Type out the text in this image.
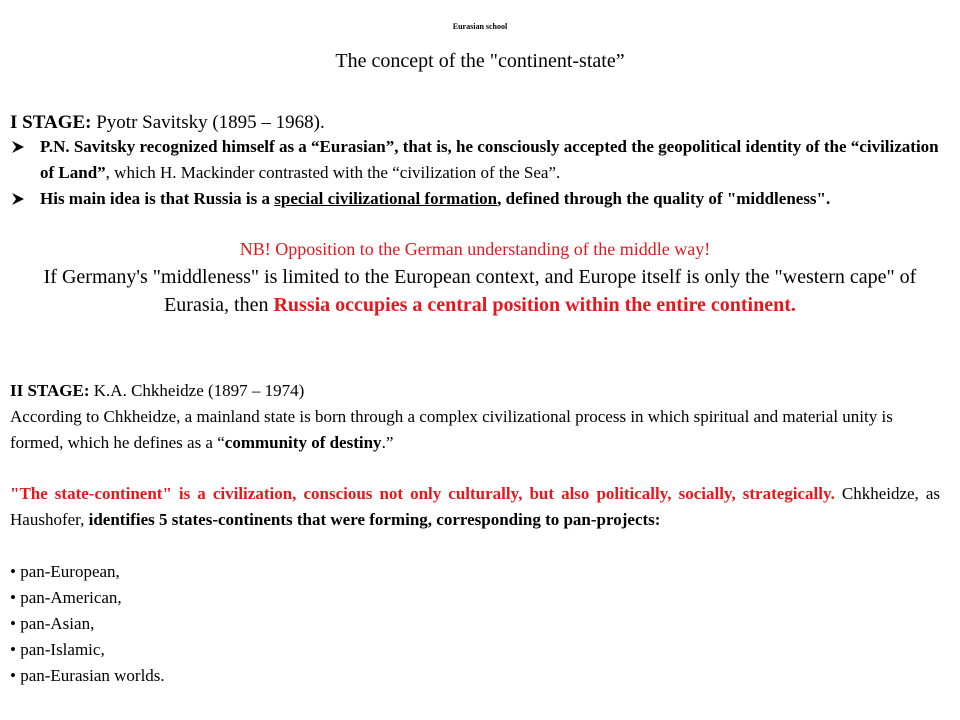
Eurasian school
The concept of the "continent-state”
I STAGE: Pyotr Savitsky (1895 – 1968).
P.N. Savitsky recognized himself as a “Eurasian”, that is, he consciously accepted the geopolitical identity of the “civilization of Land”, which H. Mackinder contrasted with the “civilization of the Sea”.
His main idea is that Russia is a special civilizational formation, defined through the quality of "middleness".
NB! Opposition to the German understanding of the middle way!
If Germany's "middleness" is limited to the European context, and Europe itself is only the "western cape" of Eurasia, then Russia occupies a central position within the entire continent.
II STAGE: K.A. Chkheidze (1897 – 1974)
According to Chkheidze, a mainland state is born through a complex civilizational process in which spiritual and material unity is formed, which he defines as a “community of destiny.”
"The state-continent" is a civilization, conscious not only culturally, but also politically, socially, strategically. Chkheidze, as Haushofer, identifies 5 states-continents that were forming, corresponding to pan-projects:
• pan-European,
• pan-American,
• pan-Asian,
• pan-Islamic,
• pan-Eurasian worlds.
